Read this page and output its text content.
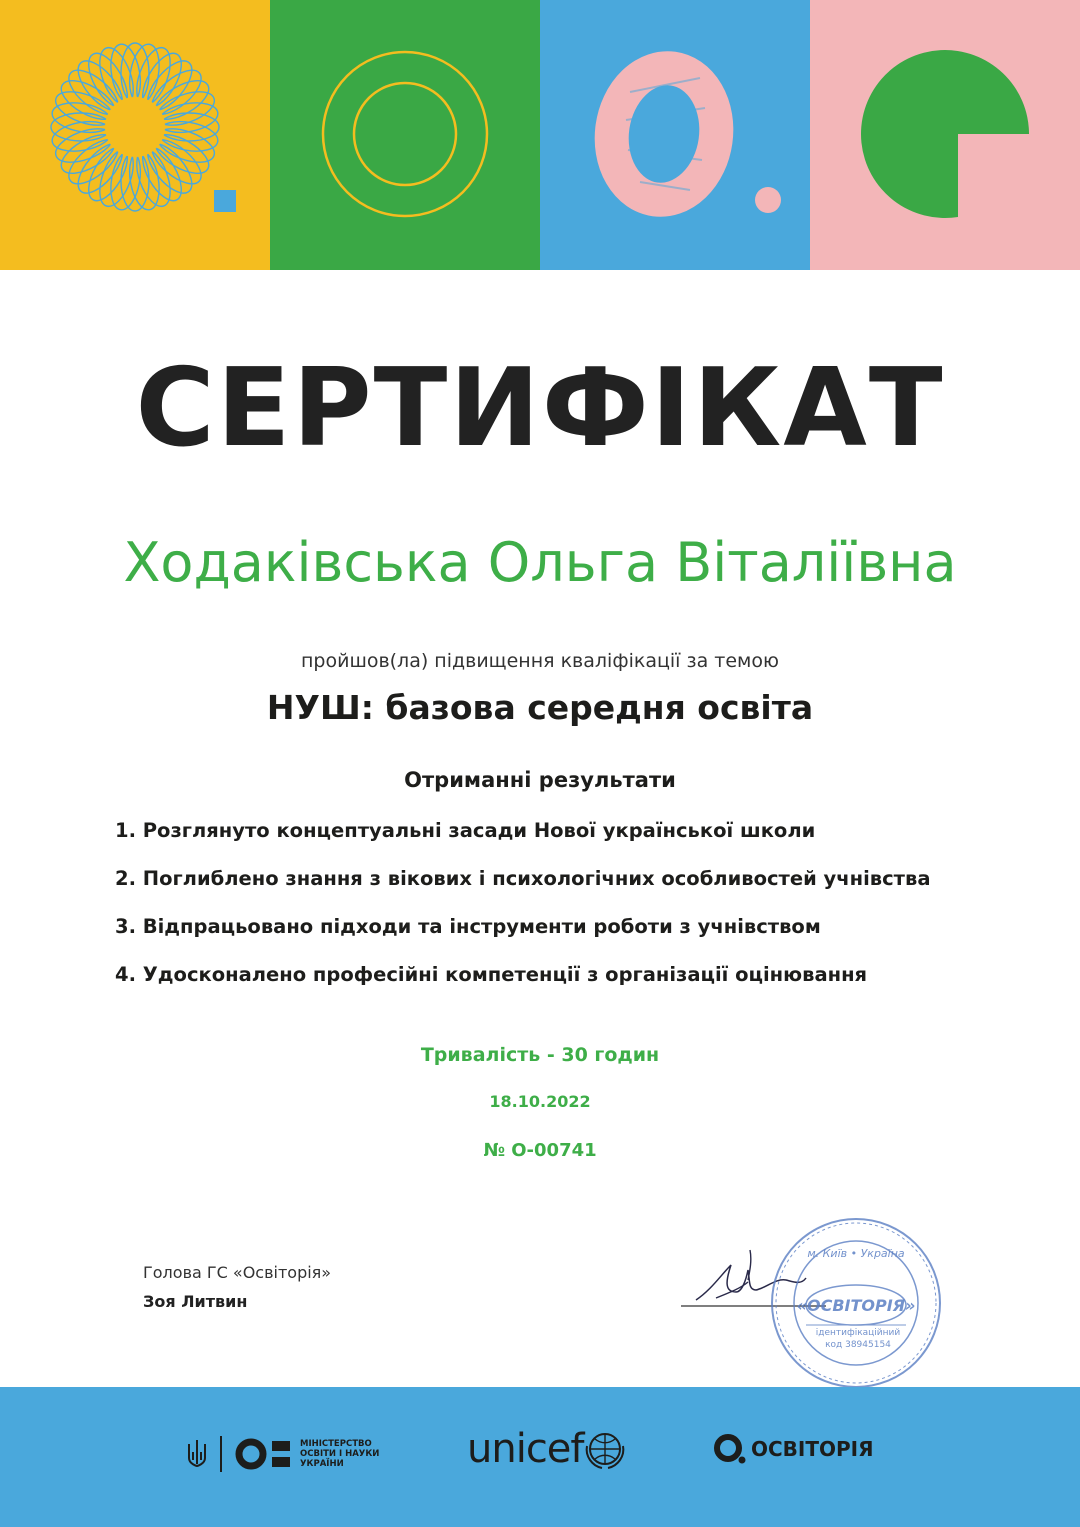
СЕРТИФІКАТ
Ходаківська Ольга Віталіївна
пройшов(ла) підвищення кваліфікації за темою
НУШ: базова середня освіта
Отриманні результати
1. Розглянуто концептуальні засади Нової української школи
2. Поглиблено знання з вікових і психологічних особливостей учнівства
3. Відпрацьовано підходи та інструменти роботи з учнівством
4. Удосконалено професійні компетенції з організації оцінювання
Тривалість - 30 годин
18.10.2022
№ О-00741
Голова ГС «Освіторія»
Зоя Литвин	«ОСВІТОРІЯ»
ідентифікаційний
код 38945154
м. Київ • Україна
МІНІСТЕРСТВО ОСВІТИ І НАУКИ УКРАЇНИ	unicef	ОСВІТОРІЯ
